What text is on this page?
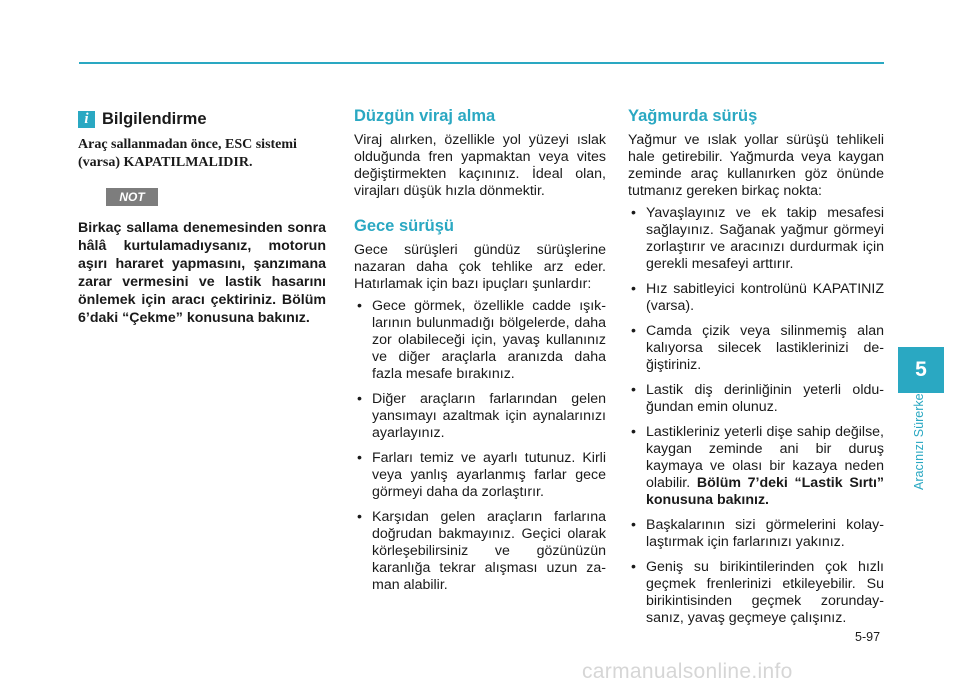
i Bilgilendirme
Araç sallanmadan önce, ESC sistemi (varsa) KAPATILMALIDIR.
NOT
Birkaç sallama denemesinden sonra hâlâ kurtulamadıysanız, motorun aşırı hararet yapmasını, şanzımana zarar vermesini ve lastik hasarını önlemek için aracı çektiriniz. Bölüm 6’daki “Çekme” konusuna bakınız.
Düzgün viraj alma
Viraj alırken, özellikle yol yüzeyi ıslak olduğunda fren yapmaktan veya vites değiştirmekten kaçınınız. İdeal olan, virajları düşük hızla dönmektir.
Gece sürüşü
Gece sürüşleri gündüz sürüşlerine nazaran daha çok tehlike arz eder. Hatırlamak için bazı ipuçları şunlardır:
• Gece görmek, özellikle cadde ışıklarının bulunmadığı bölgelerde, daha zor olabileceği için, yavaş kullanınız ve diğer araçlarla aranızda daha fazla mesafe bırakınız.
• Diğer araçların farlarından gelen yansımayı azaltmak için aynalarınızı ayarlayınız.
• Farları temiz ve ayarlı tutunuz. Kirli veya yanlış ayarlanmış farlar gece görmeyi daha da zorlaştırır.
• Karşıdan gelen araçların farlarına doğrudan bakmayınız. Geçici olarak körleşebilirsiniz ve gözünüzün karanlığa tekrar alışması uzun zaman alabilir.
Yağmurda sürüş
Yağmur ve ıslak yollar sürüşü tehlikeli hale getirebilir. Yağmurda veya kaygan zeminde araç kullanırken göz önünde tutmanız gereken birkaç nokta:
• Yavaşlayınız ve ek takip mesafesi sağlayınız. Sağanak yağmur görmeyi zorlaştırır ve aracınızı durdurmak için gerekli mesafeyi arttırır.
• Hız sabitleyici kontrolünü KAPATINIZ (varsa).
• Camda çizik veya silinmemiş alan kalıyorsa silecek lastiklerinizi değiştiriniz.
• Lastik diş derinliğinin yeterli olduğundan emin olunuz.
• Lastikleriniz yeterli dişe sahip değilse, kaygan zeminde ani bir duruş kaymaya ve olası bir kazaya neden olabilir. Bölüm 7’deki “Lastik Sırtı” konusuna bakınız.
• Başkalarının sizi görmelerini kolaylaştırmak için farlarınızı yakınız.
• Geniş su birikintilerinden çok hızlı geçmek frenlerinizi etkileyebilir. Su birikintisinden geçmek zorundaysanız, yavaş geçmeye çalışınız.
5
Aracınızı Sürerken
5-97
carmanualsonline.info
